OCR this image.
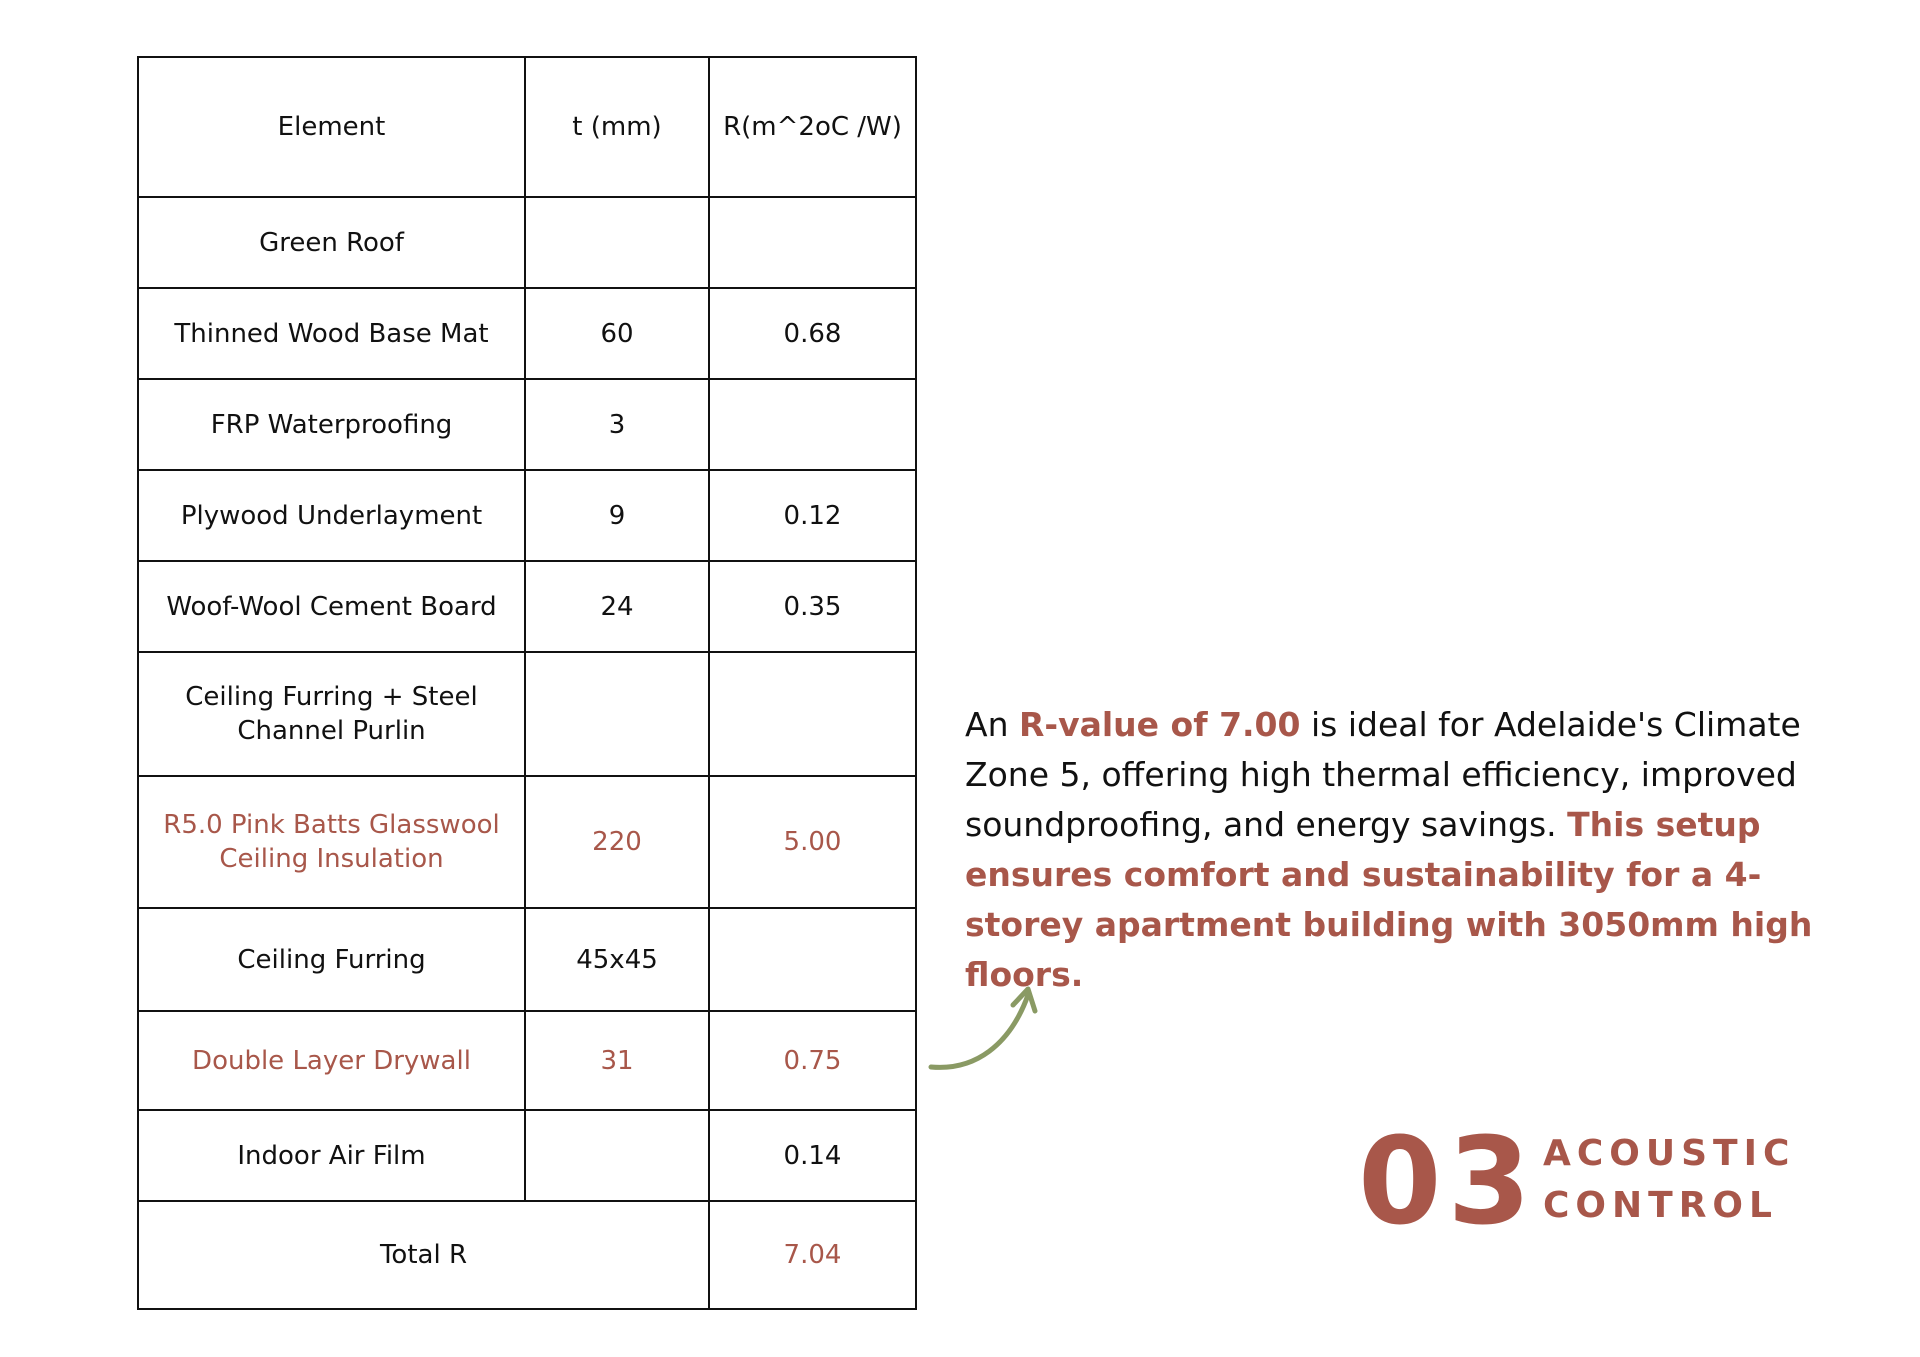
Element	t (mm)	R(m^2oC /W)
Green Roof		
Thinned Wood Base Mat	60	0.68
FRP Waterproofing	3	
Plywood Underlayment	9	0.12
Woof-Wool Cement Board	24	0.35
Ceiling Furring + Steel Channel Purlin		
R5.0 Pink Batts Glasswool Ceiling Insulation	220	5.00
Ceiling Furring	45x45	
Double Layer Drywall	31	0.75
Indoor Air Film		0.14
Total R		7.04
An R-value of 7.00 is ideal for Adelaide's Climate Zone 5, offering high thermal efficiency, improved soundproofing, and energy savings. This setup ensures comfort and sustainability for a 4-storey apartment building with 3050mm high floors.
03 ACOUSTIC
CONTROL
